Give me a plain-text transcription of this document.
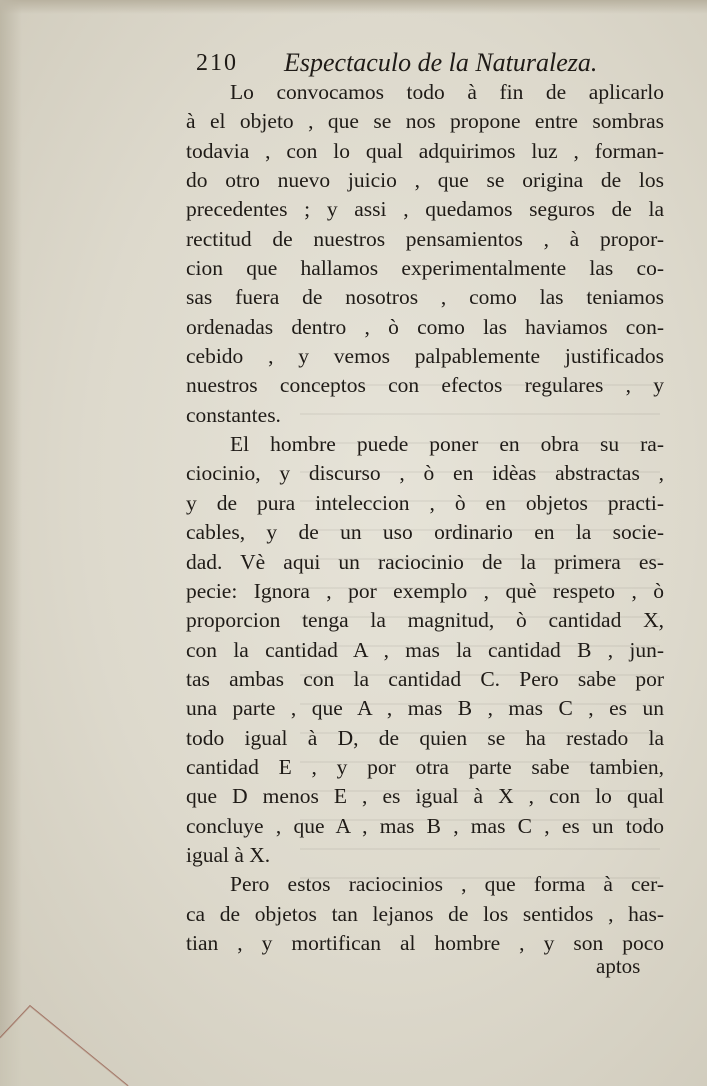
210 Espectaculo de la Naturaleza.
Lo convocamos todo à fin de aplicarlo
à el objeto , que se nos propone entre sombras
todavia , con lo qual adquirimos luz , forman-
do otro nuevo juicio , que se origina de los
precedentes ; y assi , quedamos seguros de la
rectitud de nuestros pensamientos , à propor-
cion que hallamos experimentalmente las co-
sas fuera de nosotros , como las teniamos
ordenadas dentro , ò como las haviamos con-
cebido , y vemos palpablemente justificados
nuestros conceptos con efectos regulares , y
constantes.
El hombre puede poner en obra su ra-
ciocinio, y discurso , ò en idèas abstractas ,
y de pura inteleccion , ò en objetos practi-
cables, y de un uso ordinario en la socie-
dad. Vè aqui un raciocinio de la primera es-
pecie: Ignora , por exemplo , què respeto , ò
proporcion tenga la magnitud, ò cantidad X,
con la cantidad A , mas la cantidad B , jun-
tas ambas con la cantidad C. Pero sabe por
una parte , que A , mas B , mas C , es un
todo igual à D, de quien se ha restado la
cantidad E , y por otra parte sabe tambien,
que D menos E , es igual à X , con lo qual
concluye , que A , mas B , mas C , es un todo
igual à X.
Pero estos raciocinios , que forma à cer-
ca de objetos tan lejanos de los sentidos , has-
tian , y mortifican al hombre , y son poco
aptos
